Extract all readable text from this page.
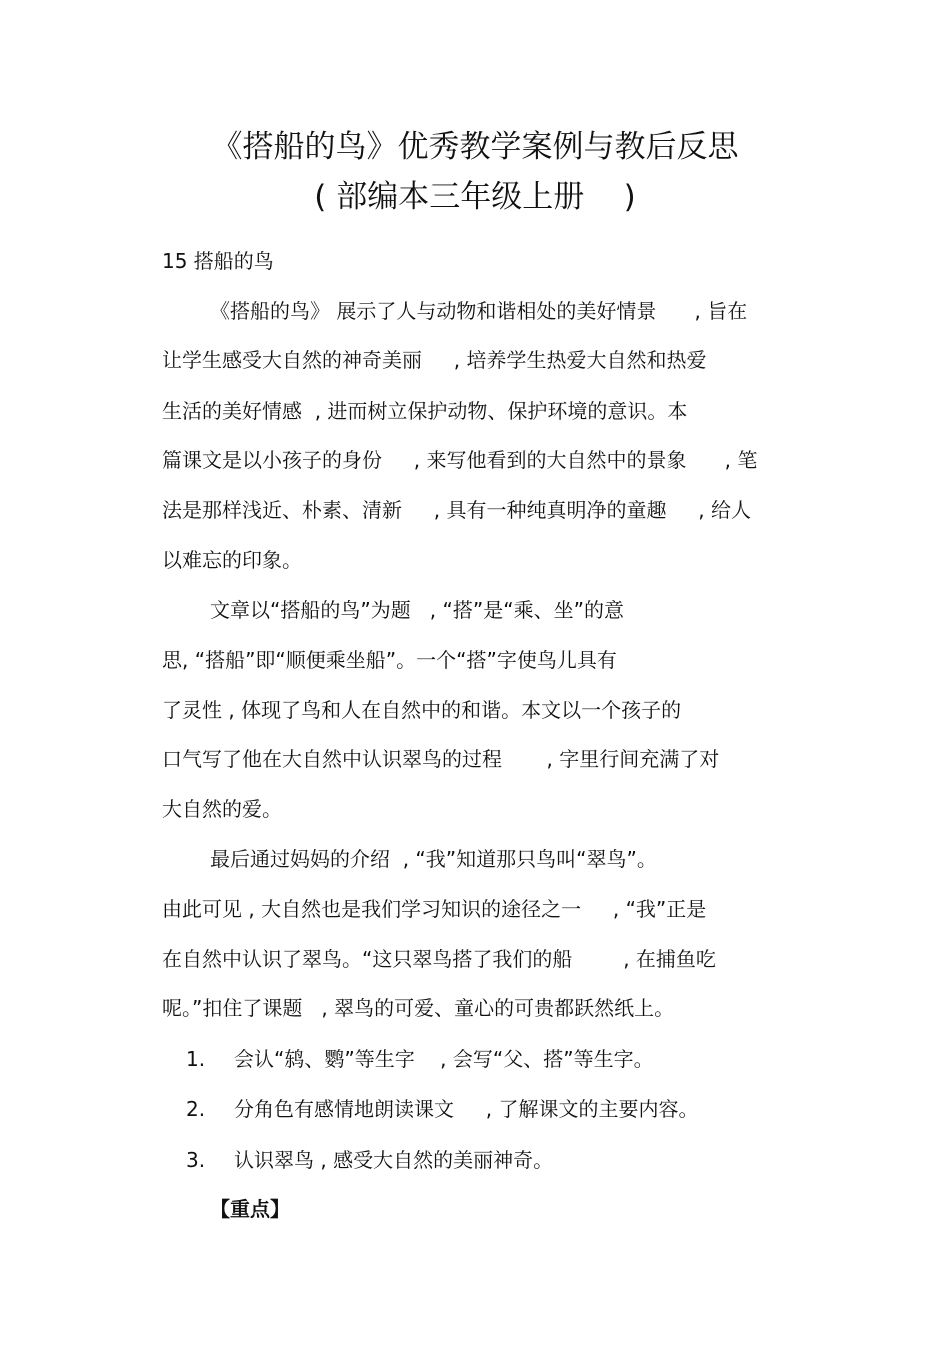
《搭船的鸟》优秀教学案例与教后反思
( 部编本三年级上册    )
15 搭船的鸟
《搭船的鸟》 展示了人与动物和谐相处的美好情景      , 旨在
让学生感受大自然的神奇美丽     , 培养学生热爱大自然和热爱
生活的美好情感  , 进而树立保护动物、保护环境的意识。本
篇课文是以小孩子的身份     , 来写他看到的大自然中的景象      , 笔
法是那样浅近、朴素、清新     , 具有一种纯真明净的童趣     , 给人
以难忘的印象。
文章以“搭船的鸟”为题   , “搭”是“乘、坐”的意
思, “搭船”即“顺便乘坐船”。一个“搭”字使鸟儿具有
了灵性 , 体现了鸟和人在自然中的和谐。本文以一个孩子的
口气写了他在大自然中认识翠鸟的过程       , 字里行间充满了对
大自然的爱。
最后通过妈妈的介绍  , “我”知道那只鸟叫“翠鸟”。
由此可见 , 大自然也是我们学习知识的途径之一     , “我”正是
在自然中认识了翠鸟。“这只翠鸟搭了我们的船        , 在捕鱼吃
呢。”扣住了课题   , 翠鸟的可爱、童心的可贵都跃然纸上。
1. 会认“鸫、鹦”等生字    , 会写“父、搭”等生字。
2. 分角色有感情地朗读课文     , 了解课文的主要内容。
3. 认识翠鸟 , 感受大自然的美丽神奇。
【重点】
